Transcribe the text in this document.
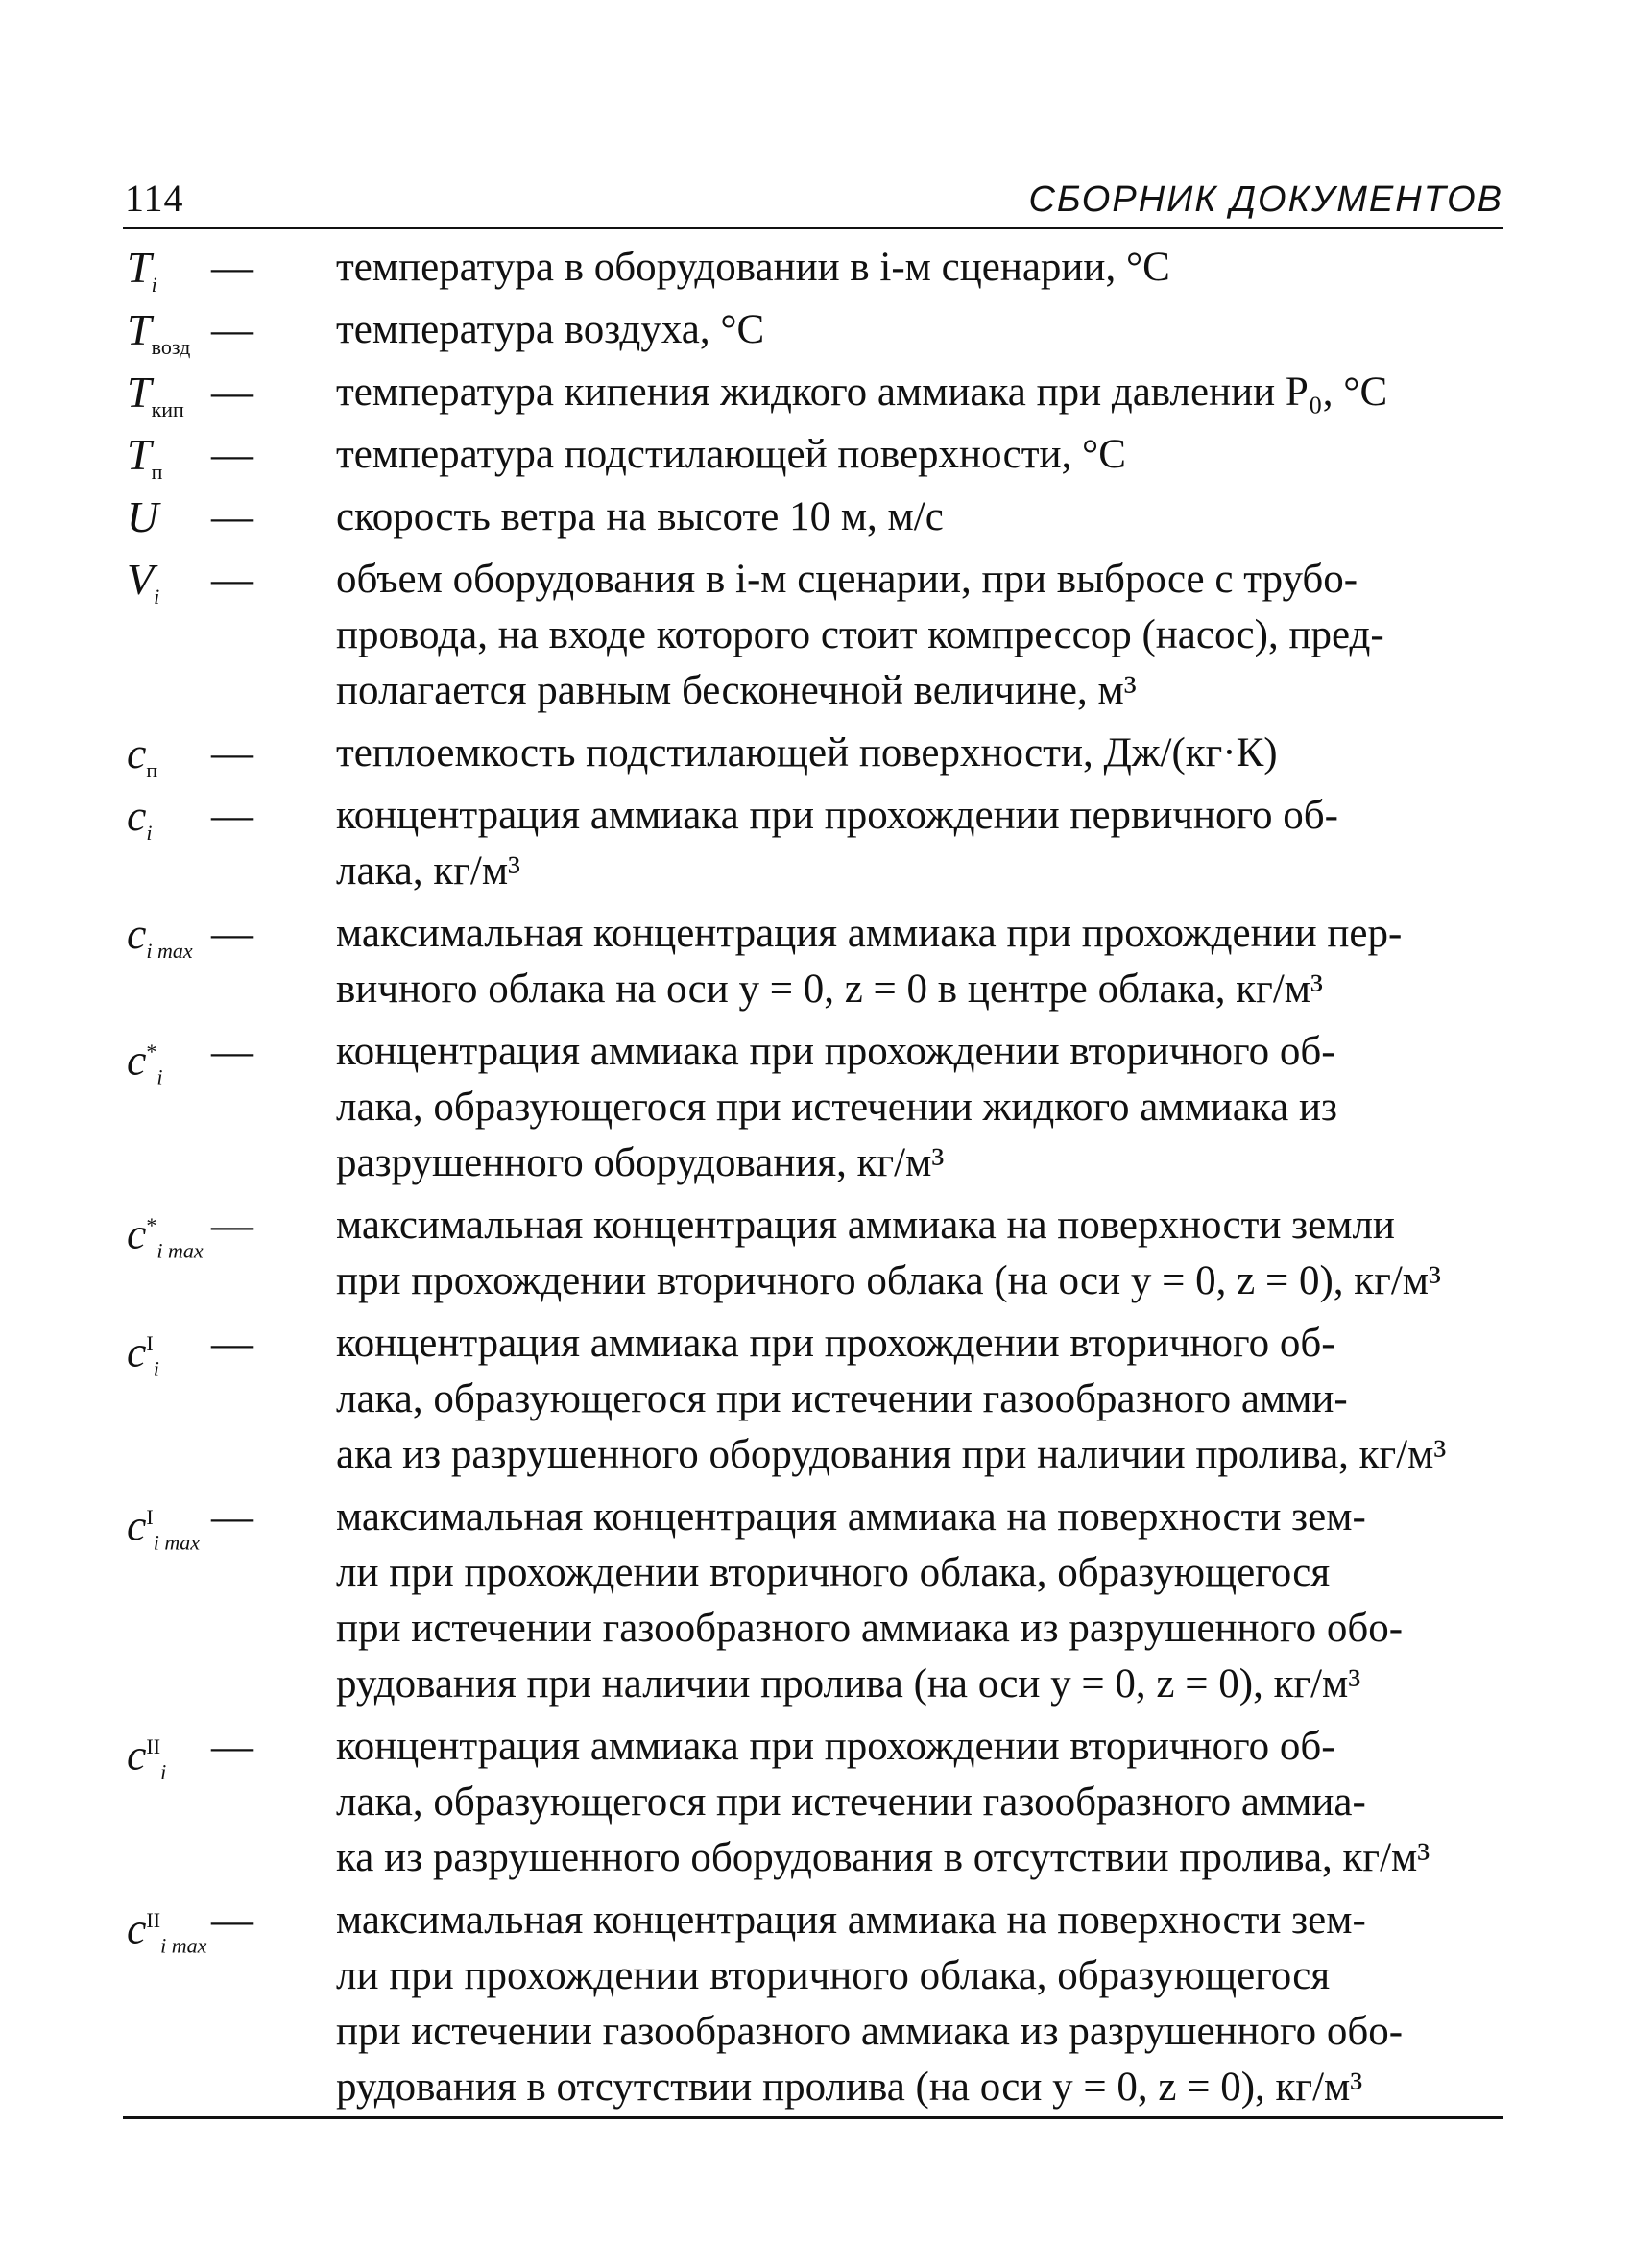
114	СБОРНИК ДОКУМЕНТОВ
$T_i$ — температура в оборудовании в i-м сценарии, °С

$T_{возд}$ — температура воздуха, °С

$T_{кип}$ — температура кипения жидкого аммиака при давлении P₀, °С

$T_п$ — температура подстилающей поверхности, °С

U — скорость ветра на высоте 10 м, м/с

$V_i$ — объем оборудования в i-м сценарии, при выбросе с трубо-

провода, на входе которого стоит компрессор (насос), пред-

полагается равным бесконечной величине, м³

$c_п$ — теплоемкость подстилающей поверхности, Дж/(кг·К)

$c_i$ — концентрация аммиака при прохождении первичного об-

лака, кг/м³

$c_{i max}$ — максимальная концентрация аммиака при прохождении пер-

вичного облака на оси y = 0, z = 0 в центре облака, кг/м³

$c^*_i$
— концентрация аммиака при прохождении вторичного об-

лака, образующегося при истечении жидкого аммиака из

разрушенного оборудования, кг/м³

$c^*_{i max}$
— максимальная концентрация аммиака на поверхности земли

при прохождении вторичного облака (на оси y = 0, z = 0), кг/м³

$c^I_i$
— концентрация аммиака при прохождении вторичного об-

лака, образующегося при истечении газообразного амми-

ака из разрушенного оборудования при наличии пролива, кг/м³

$c^I_{i max}$
— максимальная концентрация аммиака на поверхности зем-

ли при прохождении вторичного облака, образующегося

при истечении газообразного аммиака из разрушенного обо-

рудования при наличии пролива (на оси y = 0, z = 0), кг/м³

$c^{II}_i$
— концентрация аммиака при прохождении вторичного об-

лака, образующегося при истечении газообразного аммиа-

ка из разрушенного оборудования в отсутствии пролива, кг/м³

$c^{II}_{i max}$
— максимальная концентрация аммиака на поверхности зем-

ли при прохождении вторичного облака, образующегося

при истечении газообразного аммиака из разрушенного обо-

рудования в отсутствии пролива (на оси y = 0, z = 0), кг/м³
